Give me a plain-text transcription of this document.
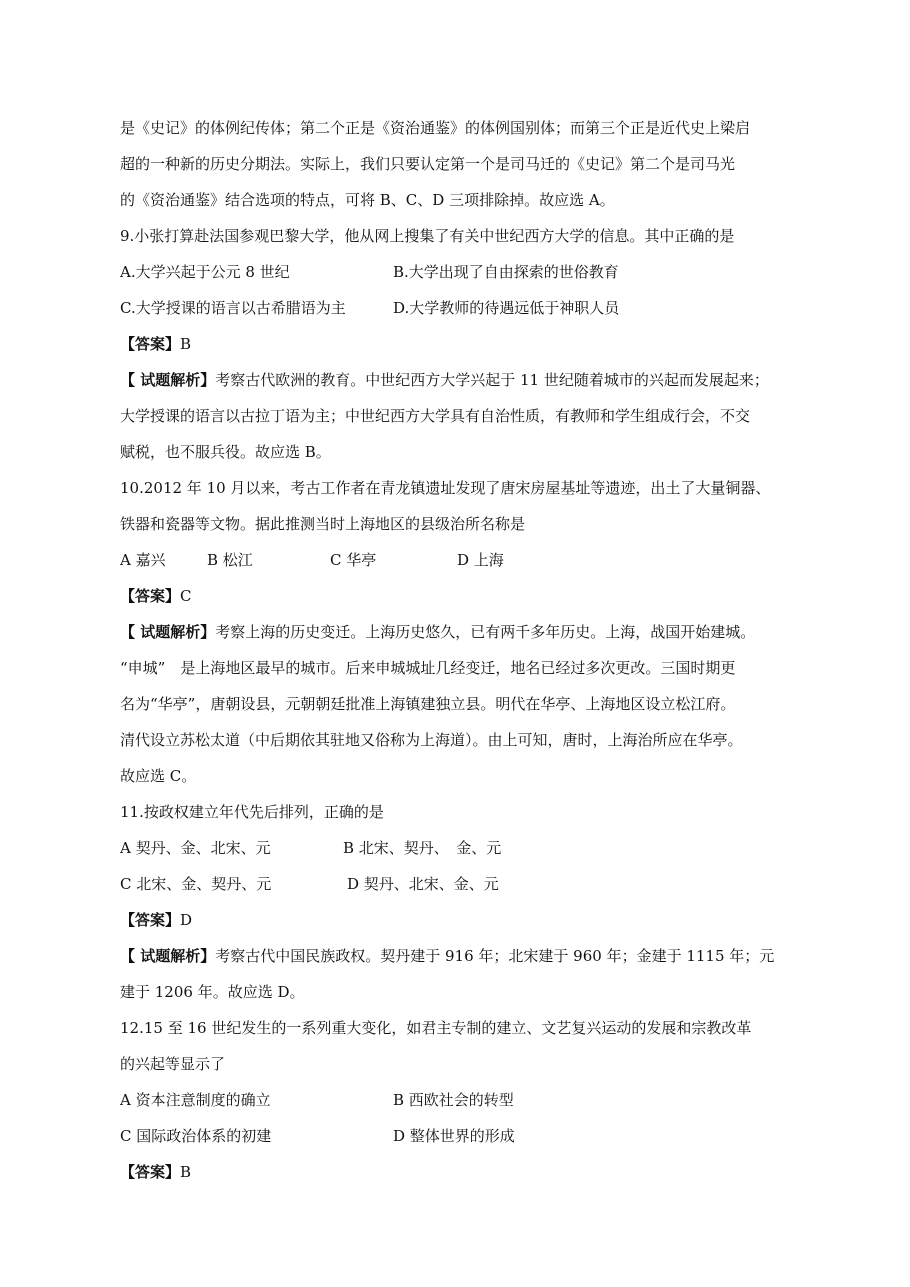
是《史记》的体例纪传体；第二个正是《资治通鉴》的体例国别体；而第三个正是近代史上梁启
超的一种新的历史分期法。实际上，我们只要认定第一个是司马迁的《史记》第二个是司马光
的《资治通鉴》结合选项的特点，可将 B、C、D 三项排除掉。故应选 A。
9.小张打算赴法国参观巴黎大学，他从网上搜集了有关中世纪西方大学的信息。其中正确的是
A.大学兴起于公元 8 世纪	B.大学出现了自由探索的世俗教育
C.大学授课的语言以古希腊语为主	D.大学教师的待遇远低于神职人员
【答案】B
【 试题解析】考察古代欧洲的教育。中世纪西方大学兴起于 11 世纪随着城市的兴起而发展起来；
大学授课的语言以古拉丁语为主；中世纪西方大学具有自治性质，有教师和学生组成行会，不交
赋税，也不服兵役。故应选 B。
10.2012 年 10 月以来，考古工作者在青龙镇遗址发现了唐宋房屋基址等遗迹，出土了大量铜器、
铁器和瓷器等文物。据此推测当时上海地区的县级治所名称是
A 嘉兴	B 松江	C 华亭	D 上海
【答案】C
【 试题解析】考察上海的历史变迁。上海历史悠久，已有两千多年历史。上海，战国开始建城。
“申城”　是上海地区最早的城市。后来申城城址几经变迁，地名已经过多次更改。三国时期更
名为“华亭”，唐朝设县，元朝朝廷批准上海镇建独立县。明代在华亭、上海地区设立松江府。
清代设立苏松太道（中后期依其驻地又俗称为上海道）。由上可知，唐时，上海治所应在华亭。
故应选 C。
11.按政权建立年代先后排列，正确的是
A 契丹、金、北宋、元	B 北宋、契丹、　金、元
C 北宋、金、契丹、元	D 契丹、北宋、金、元
【答案】D
【 试题解析】考察古代中国民族政权。契丹建于 916 年；北宋建于 960 年；金建于 1115 年；元
建于 1206 年。故应选 D。
12.15 至 16 世纪发生的一系列重大变化，如君主专制的建立、文艺复兴运动的发展和宗教改革
的兴起等显示了
A 资本注意制度的确立	B 西欧社会的转型
C 国际政治体系的初建	D 整体世界的形成
【答案】B
